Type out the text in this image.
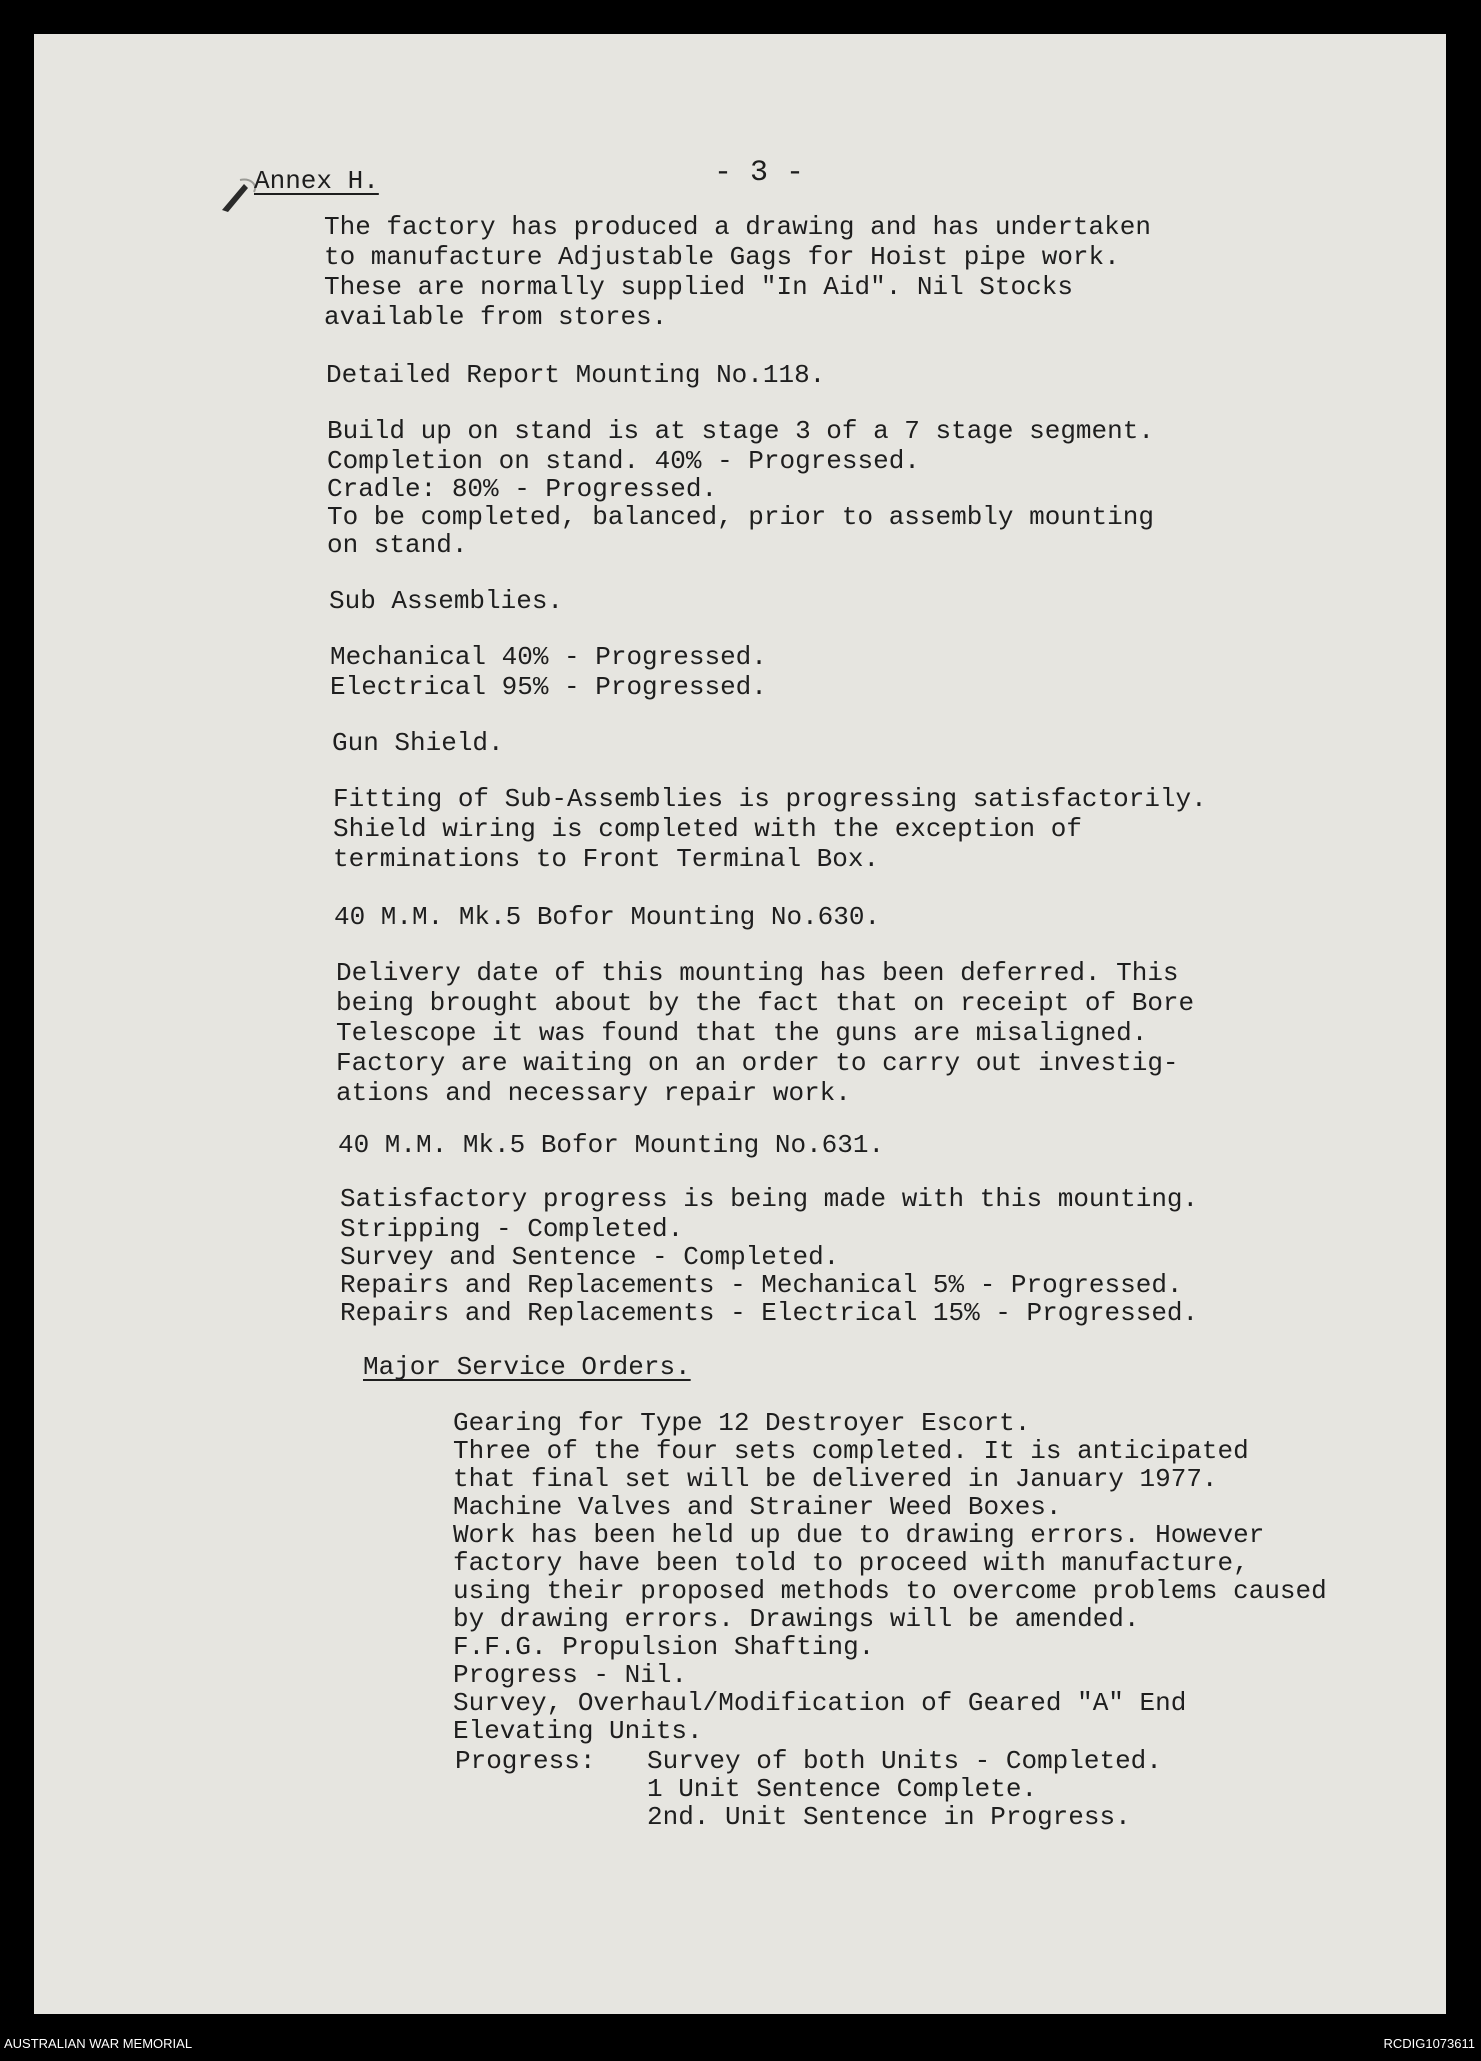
Annex H.	- 3 -

The factory has produced a drawing and has undertaken

to manufacture Adjustable Gags for Hoist pipe work.

These are normally supplied "In Aid". Nil Stocks

available from stores.

Detailed Report Mounting No.118.

Build up on stand is at stage 3 of a 7 stage segment.

Completion on stand. 40% - Progressed.

Cradle: 80% - Progressed.

To be completed, balanced, prior to assembly mounting

on stand.

Sub Assemblies.

Mechanical 40% - Progressed.

Electrical 95% - Progressed.

Gun Shield.

Fitting of Sub-Assemblies is progressing satisfactorily.

Shield wiring is completed with the exception of

terminations to Front Terminal Box.

40 M.M. Mk.5 Bofor Mounting No.630.

Delivery date of this mounting has been deferred. This

being brought about by the fact that on receipt of Bore

Telescope it was found that the guns are misaligned.

Factory are waiting on an order to carry out investig-

ations and necessary repair work.

40 M.M. Mk.5 Bofor Mounting No.631.

Satisfactory progress is being made with this mounting.

Stripping - Completed.

Survey and Sentence - Completed.

Repairs and Replacements - Mechanical 5% - Progressed.

Repairs and Replacements - Electrical 15% - Progressed.

Major Service Orders.

Gearing for Type 12 Destroyer Escort.

Three of the four sets completed. It is anticipated

that final set will be delivered in January 1977.

Machine Valves and Strainer Weed Boxes.

Work has been held up due to drawing errors. However

factory have been told to proceed with manufacture,

using their proposed methods to overcome problems caused

by drawing errors. Drawings will be amended.

F.F.G. Propulsion Shafting.

Progress - Nil.

Survey, Overhaul/Modification of Geared "A" End

Elevating Units.

Progress: Survey of both Units - Completed.

1 Unit Sentence Complete.

2nd. Unit Sentence in Progress.

AUSTRALIAN WAR MEMORIAL	RCDIG1073611
